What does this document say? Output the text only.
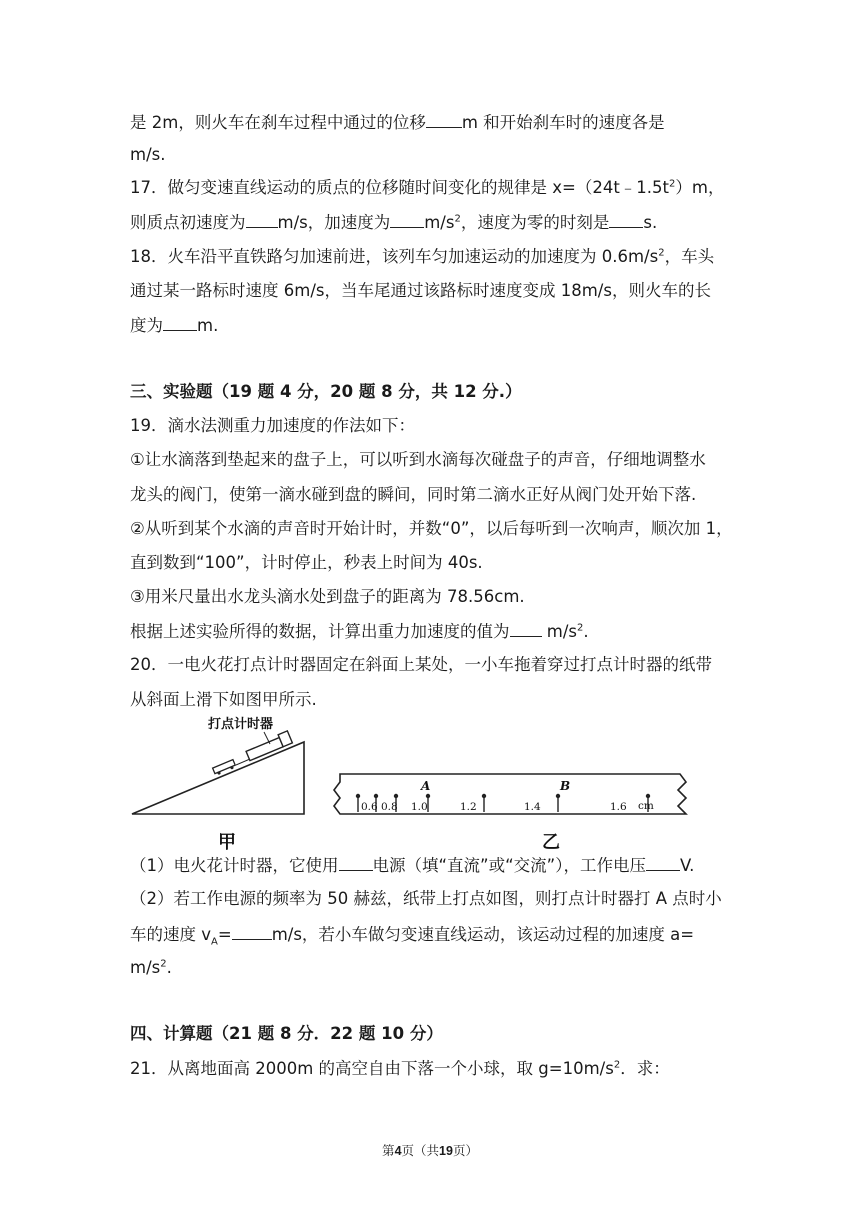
是 2m，则火车在刹车过程中通过的位移 m 和开始刹车时的速度各是
m/s.
17．做匀变速直线运动的质点的位移随时间变化的规律是 $x=(24t﹣1.5t^2)m$，
则质点初速度为 m/s，加速度为 $m/s^2$，速度为零的时刻是 s.
18．火车沿平直铁路匀加速前进，该列车匀加速运动的加速度为 $0.6m/s^2$，车头
通过某一路标时速度 6m/s，当车尾通过该路标时速度变成 18m/s，则火车的长
度为 m.
三、实验题（19 题 4 分，20 题 8 分，共 12 分.）
19．滴水法测重力加速度的作法如下：
①让水滴落到垫起来的盘子上，可以听到水滴每次碰盘子的声音，仔细地调整水
龙头的阀门，使第一滴水碰到盘的瞬间，同时第二滴水正好从阀门处开始下落.
②从听到某个水滴的声音时开始计时，并数“0”，以后每听到一次响声，顺次加 1，
直到数到“100”，计时停止，秒表上时间为 40s.
③用米尺量出水龙头滴水处到盘子的距离为 78.56cm.
根据上述实验所得的数据，计算出重力加速度的值为 $m/s^2$.
20．一电火花打点计时器固定在斜面上某处，一小车拖着穿过打点计时器的纸带
从斜面上滑下如图甲所示.
打点计时器
A	B
0.6 0.8 1.0	1.2	1.4	1.6 cm
甲	乙
（1）电火花计时器，它使用 电源（填“直流”或“交流”），工作电压 V.
（2）若工作电源的频率为 50 赫兹，纸带上打点如图，则打点计时器打 A 点时小
车的速度 $v_A= m/s$，若小车做匀变速直线运动，该运动过程的加速度 a=
$m/s^2$.
四、计算题（21 题 8 分．22 题 10 分）
21．从离地面高 2000m 的高空自由下落一个小球，取 $g=10m/s^2$．求：
第4页（共19页）
